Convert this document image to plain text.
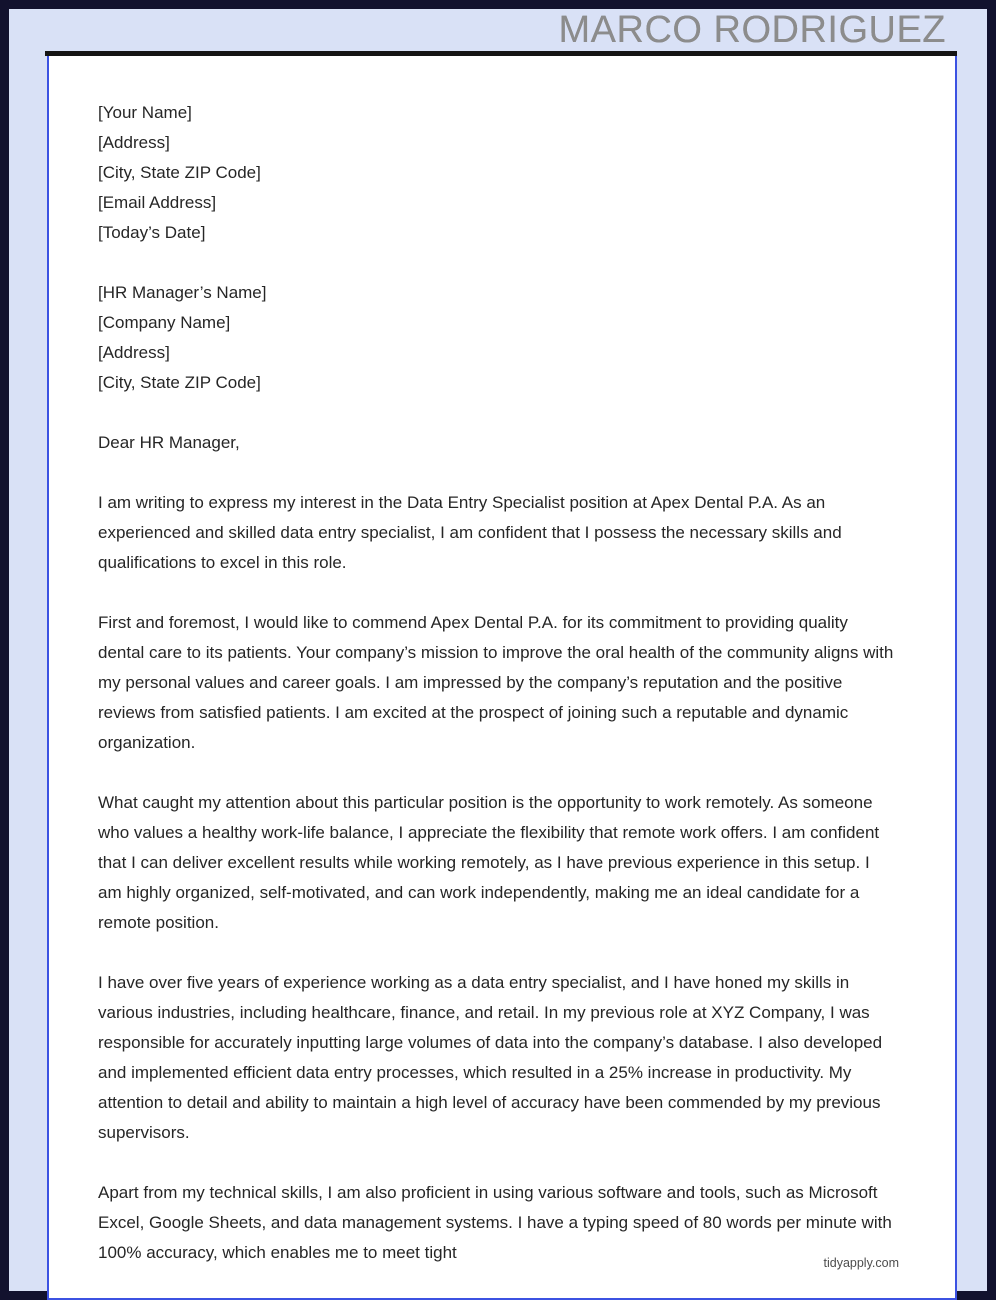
MARCO RODRIGUEZ
[Your Name]
[Address]
[City, State ZIP Code]
[Email Address]
[Today’s Date]
[HR Manager’s Name]
[Company Name]
[Address]
[City, State ZIP Code]
Dear HR Manager,
I am writing to express my interest in the Data Entry Specialist position at Apex Dental P.A. As an experienced and skilled data entry specialist, I am confident that I possess the necessary skills and qualifications to excel in this role.
First and foremost, I would like to commend Apex Dental P.A. for its commitment to providing quality dental care to its patients. Your company’s mission to improve the oral health of the community aligns with my personal values and career goals. I am impressed by the company’s reputation and the positive reviews from satisfied patients. I am excited at the prospect of joining such a reputable and dynamic organization.
What caught my attention about this particular position is the opportunity to work remotely. As someone who values a healthy work-life balance, I appreciate the flexibility that remote work offers. I am confident that I can deliver excellent results while working remotely, as I have previous experience in this setup. I am highly organized, self-motivated, and can work independently, making me an ideal candidate for a remote position.
I have over five years of experience working as a data entry specialist, and I have honed my skills in various industries, including healthcare, finance, and retail. In my previous role at XYZ Company, I was responsible for accurately inputting large volumes of data into the company’s database. I also developed and implemented efficient data entry processes, which resulted in a 25% increase in productivity. My attention to detail and ability to maintain a high level of accuracy have been commended by my previous supervisors.
Apart from my technical skills, I am also proficient in using various software and tools, such as Microsoft Excel, Google Sheets, and data management systems. I have a typing speed of 80 words per minute with 100% accuracy, which enables me to meet tight
tidyapply.com
